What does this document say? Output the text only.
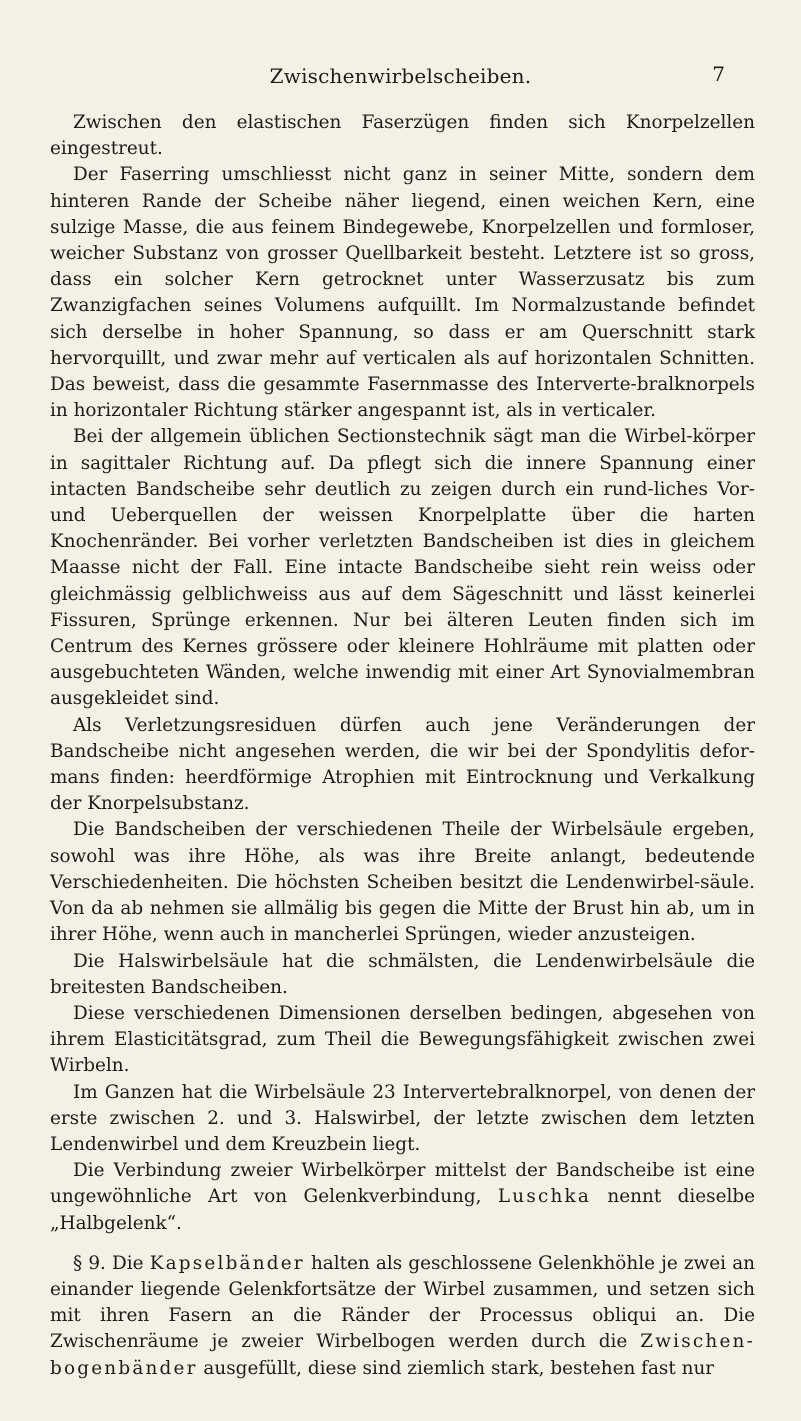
Zwischenwirbelscheiben.	7

Zwischen den elastischen Faserzügen finden sich Knorpelzellen eingestreut.

Der Faserring umschliesst nicht ganz in seiner Mitte, sondern dem hinteren Rande der Scheibe näher liegend, einen weichen Kern, eine sulzige Masse, die aus feinem Bindegewebe, Knorpelzellen und formloser, weicher Substanz von grosser Quellbarkeit besteht. Letztere ist so gross, dass ein solcher Kern getrocknet unter Wasserzusatz bis zum Zwanzigfachen seines Volumens aufquillt. Im Normalzustande befindet sich derselbe in hoher Spannung, so dass er am Querschnitt stark hervorquillt, und zwar mehr auf verticalen als auf horizontalen Schnitten. Das beweist, dass die gesammte Fasernmasse des Interverte-bralknorpels in horizontaler Richtung stärker angespannt ist, als in verticaler.

Bei der allgemein üblichen Sectionstechnik sägt man die Wirbel-körper in sagittaler Richtung auf. Da pflegt sich die innere Spannung einer intacten Bandscheibe sehr deutlich zu zeigen durch ein rund-liches Vor- und Ueberquellen der weissen Knorpelplatte über die harten Knochenränder. Bei vorher verletzten Bandscheiben ist dies in gleichem Maasse nicht der Fall. Eine intacte Bandscheibe sieht rein weiss oder gleichmässig gelblichweiss aus auf dem Sägeschnitt und lässt keinerlei Fissuren, Sprünge erkennen. Nur bei älteren Leuten finden sich im Centrum des Kernes grössere oder kleinere Hohlräume mit platten oder ausgebuchteten Wänden, welche inwendig mit einer Art Synovialmembran ausgekleidet sind.

Als Verletzungsresiduen dürfen auch jene Veränderungen der Bandscheibe nicht angesehen werden, die wir bei der Spondylitis defor-mans finden: heerdförmige Atrophien mit Eintrocknung und Verkalkung der Knorpelsubstanz.

Die Bandscheiben der verschiedenen Theile der Wirbelsäule ergeben, sowohl was ihre Höhe, als was ihre Breite anlangt, bedeutende Verschiedenheiten. Die höchsten Scheiben besitzt die Lendenwirbel-säule. Von da ab nehmen sie allmälig bis gegen die Mitte der Brust hin ab, um in ihrer Höhe, wenn auch in mancherlei Sprüngen, wieder anzusteigen.

Die Halswirbelsäule hat die schmälsten, die Lendenwirbelsäule die breitesten Bandscheiben.

Diese verschiedenen Dimensionen derselben bedingen, abgesehen von ihrem Elasticitätsgrad, zum Theil die Bewegungsfähigkeit zwischen zwei Wirbeln.

Im Ganzen hat die Wirbelsäule 23 Intervertebralknorpel, von denen der erste zwischen 2. und 3. Halswirbel, der letzte zwischen dem letzten Lendenwirbel und dem Kreuzbein liegt.

Die Verbindung zweier Wirbelkörper mittelst der Bandscheibe ist eine ungewöhnliche Art von Gelenkverbindung, Luschka nennt dieselbe „Halbgelenk“.

§ 9. Die Kapselbänder halten als geschlossene Gelenkhöhle je zwei an einander liegende Gelenkfortsätze der Wirbel zusammen, und setzen sich mit ihren Fasern an die Ränder der Processus obliqui an. Die Zwischenräume je zweier Wirbelbogen werden durch die Zwischen-bogenbänder ausgefüllt, diese sind ziemlich stark, bestehen fast nur
